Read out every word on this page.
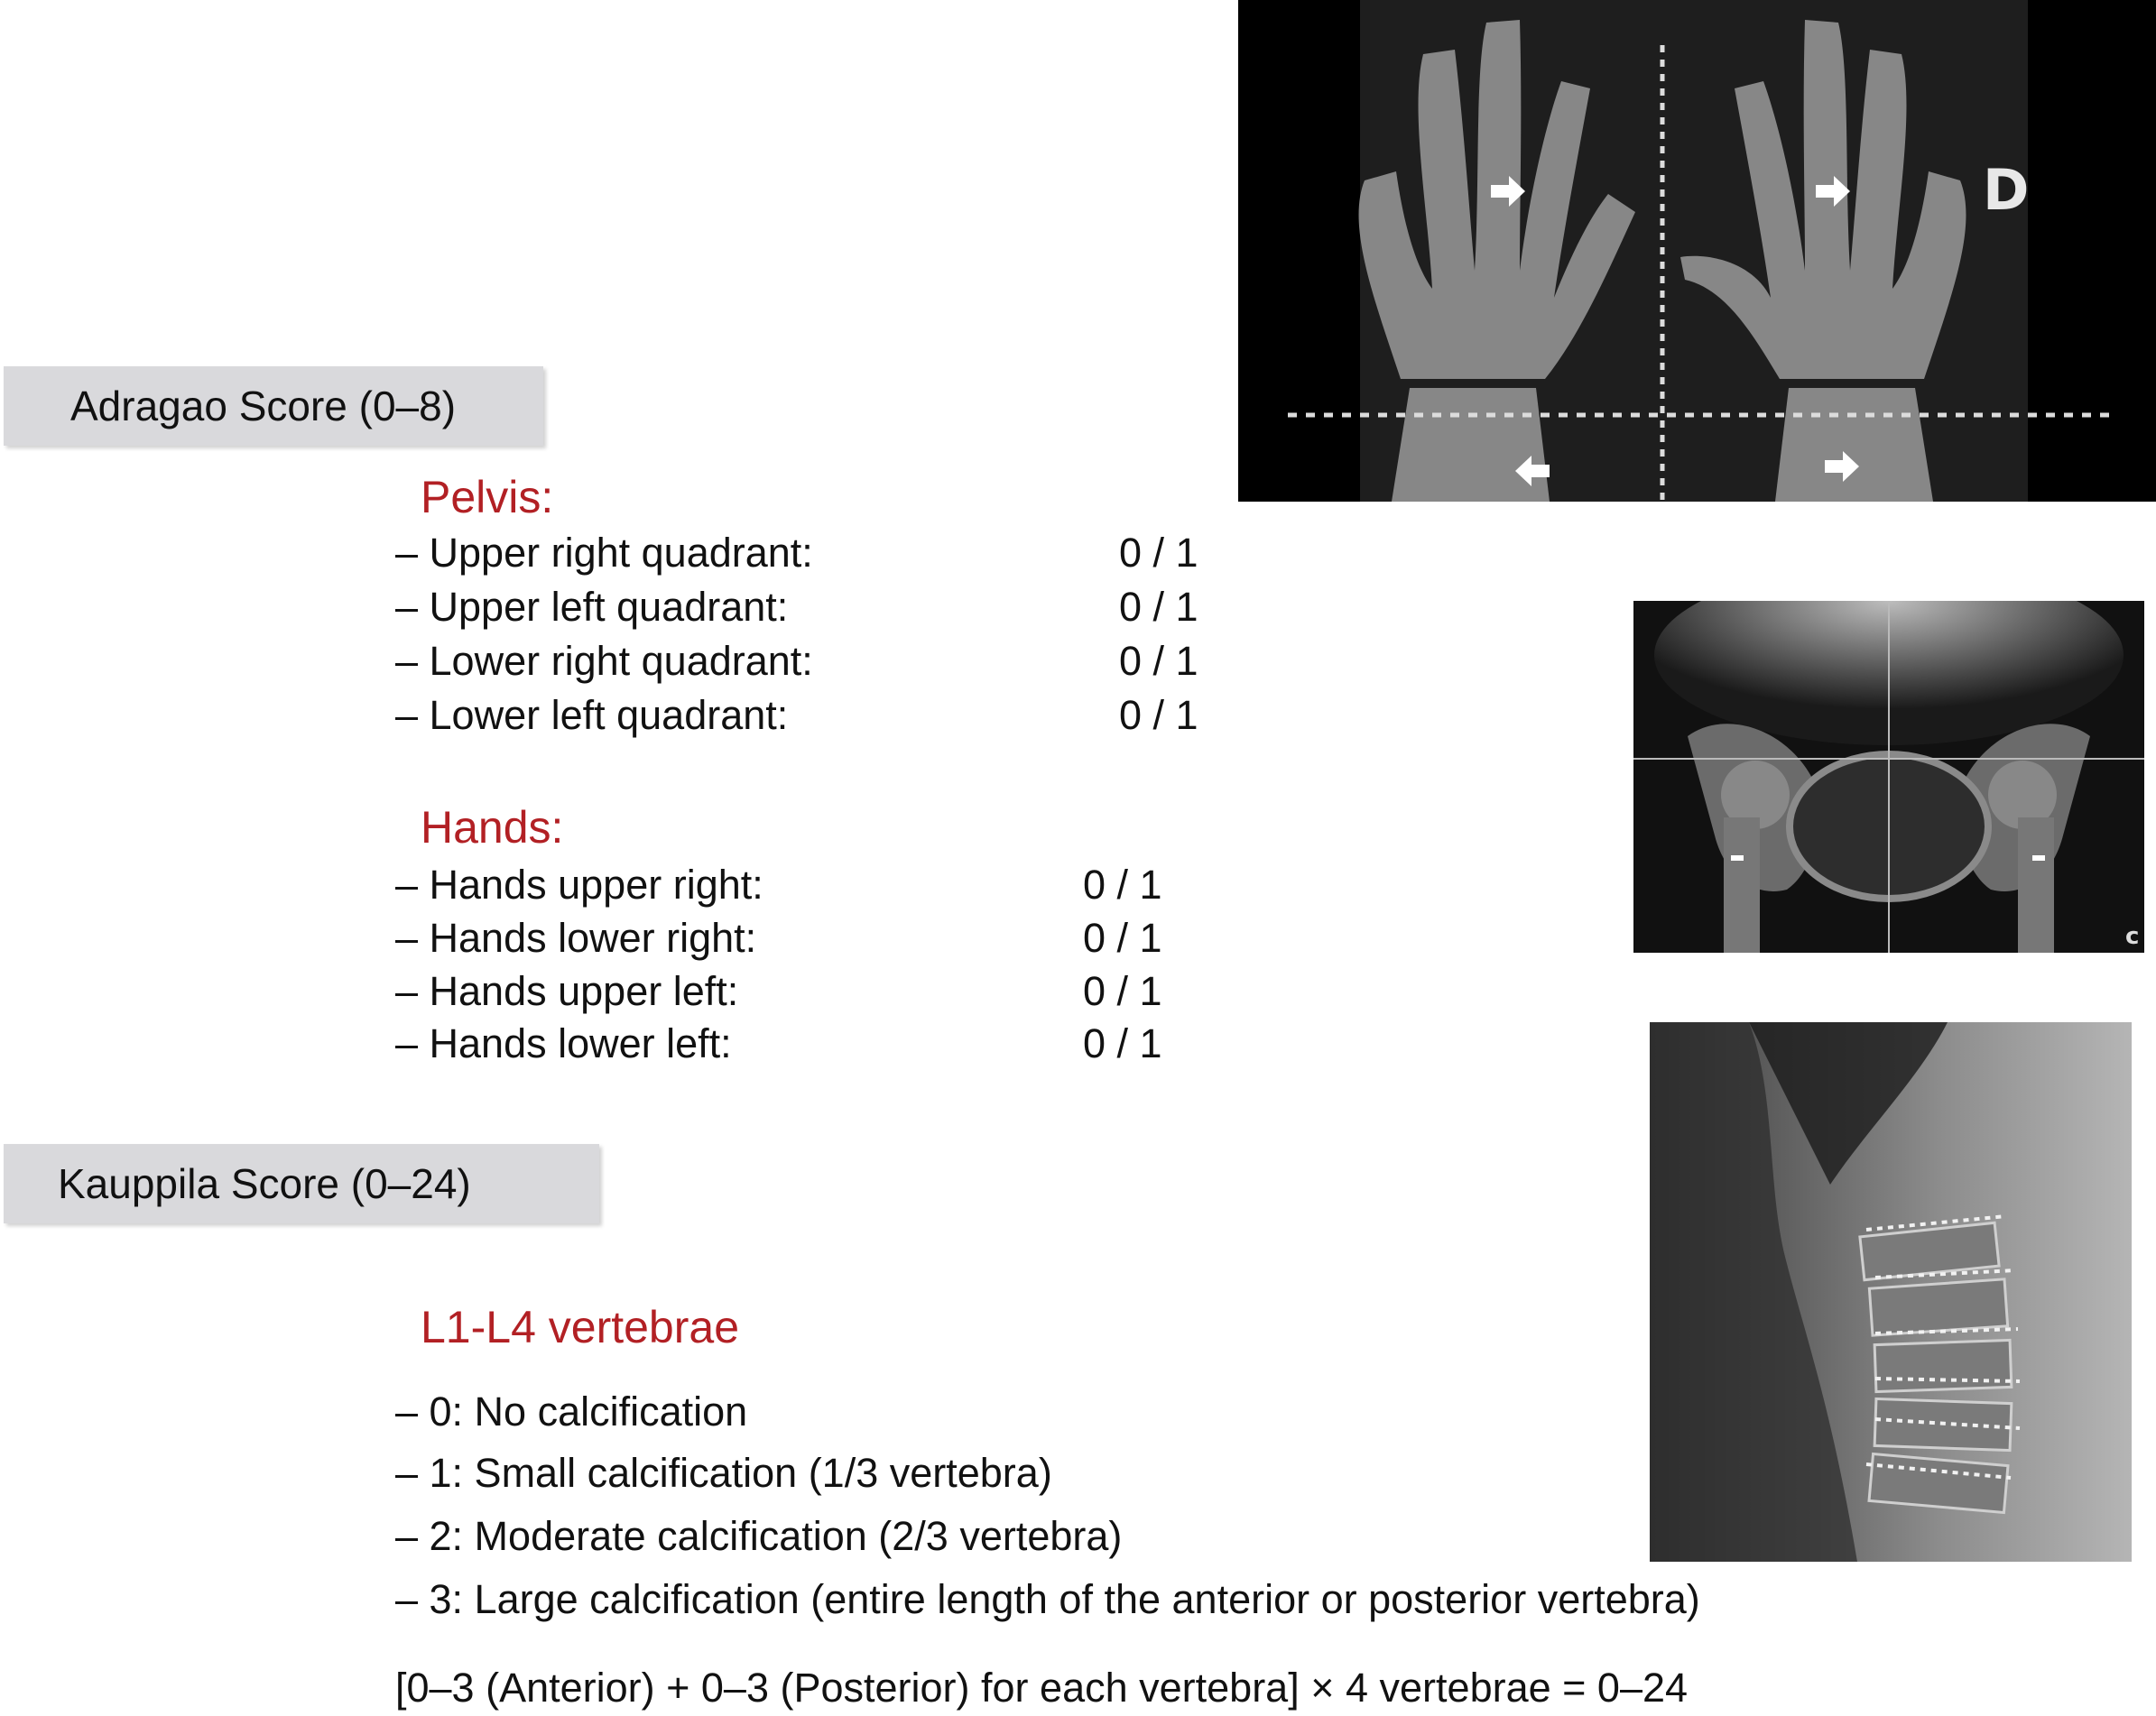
Adragao Score (0–8)
Pelvis:
– Upper right quadrant:	0 / 1
– Upper left quadrant:	0 / 1
– Lower right quadrant:	0 / 1
– Lower left quadrant:	0 / 1
Hands:
– Hands upper right:	0 / 1
– Hands lower right:	0 / 1
– Hands upper left:	0 / 1
– Hands lower left:	0 / 1
Kauppila Score (0–24)
L1-L4 vertebrae
– 0: No calcification
– 1: Small calcification (1/3 vertebra)
– 2: Moderate calcification (2/3 vertebra)
– 3: Large calcification (entire length of the anterior or posterior vertebra)
[0–3 (Anterior) + 0–3 (Posterior) for each vertebra] × 4 vertebrae = 0–24
D
c
